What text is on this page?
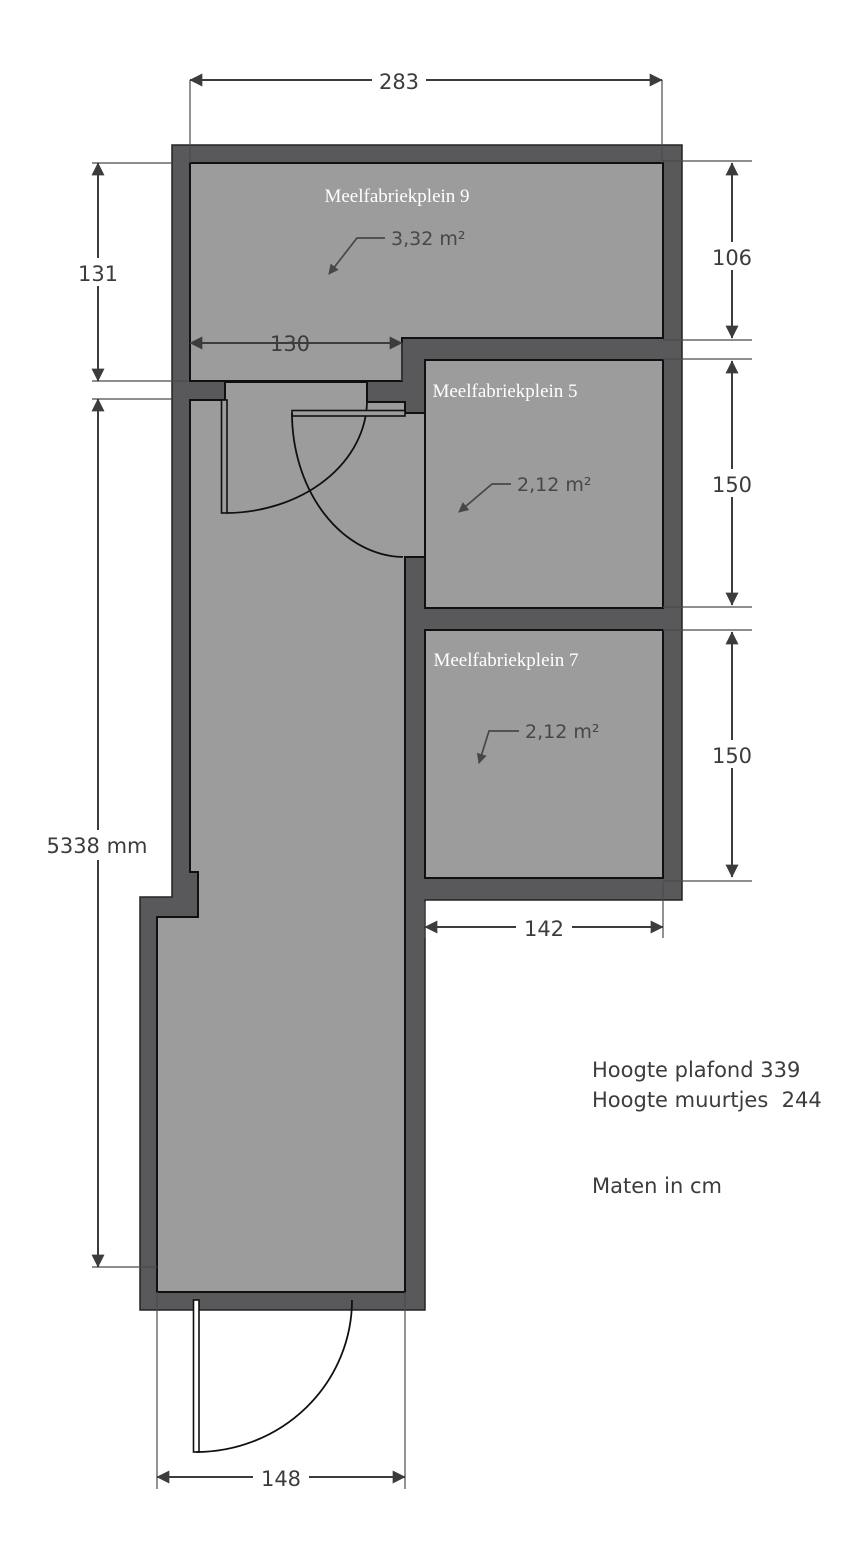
283
131
5338 mm
106
150
150
130
142
148
Meelfabriekplein 9
3,32 m²
Meelfabriekplein 5
2,12 m²
Meelfabriekplein 7
2,12 m²
Hoogte plafond 339
Hoogte muurtjes  244
Maten in cm
